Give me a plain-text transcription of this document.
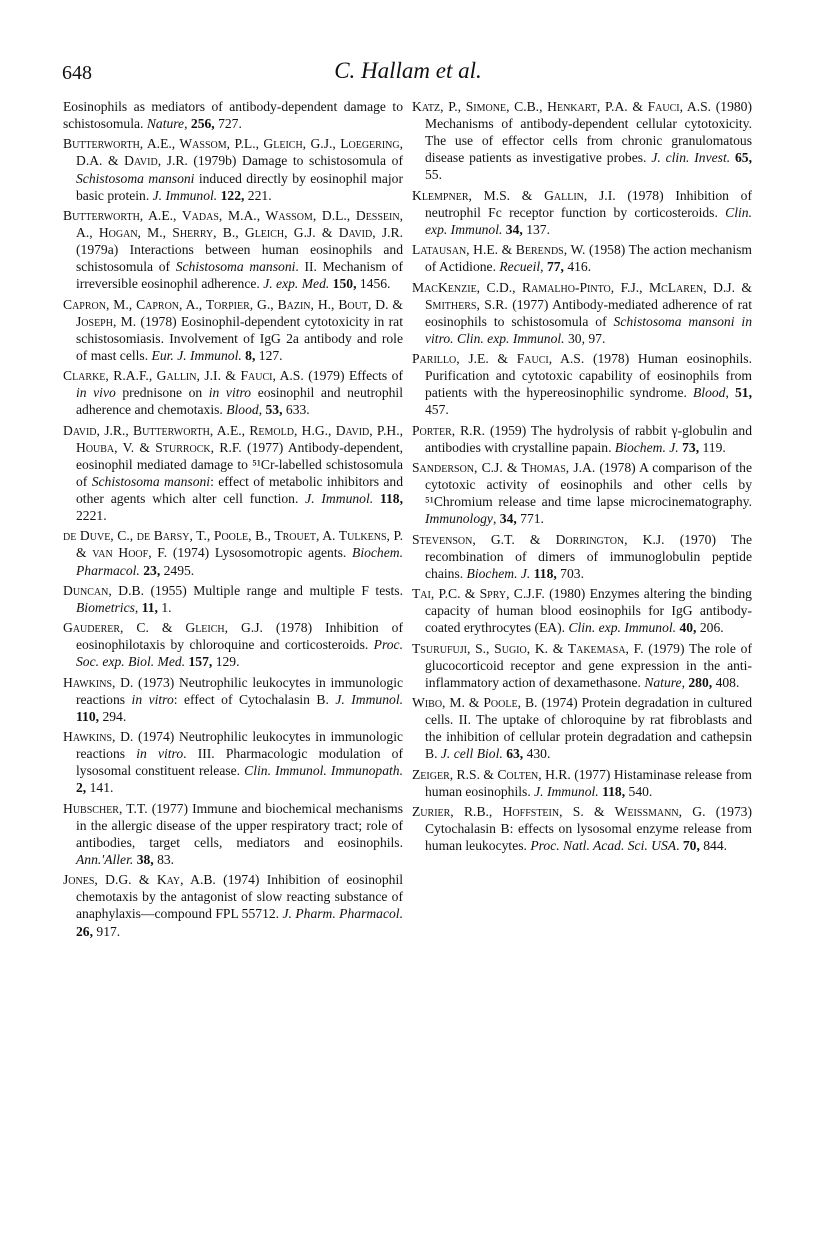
648	C. Hallam et al.

Eosinophils as mediators of antibody-dependent damage to schistosomula. Nature, 256, 727.

Butterworth, A.E., Wassom, P.L., Gleich, G.J., Loegering, D.A. & David, J.R. (1979b) Damage to schistosomula of Schistosoma mansoni induced directly by eosinophil major basic protein. J. Immunol. 122, 221.

Butterworth, A.E., Vadas, M.A., Wassom, D.L., Dessein, A., Hogan, M., Sherry, B., Gleich, G.J. & David, J.R. (1979a) Interactions between human eosinophils and schistosomula of Schistosoma mansoni. II. Mechanism of irreversible eosinophil adherence. J. exp. Med. 150, 1456.

Capron, M., Capron, A., Torpier, G., Bazin, H., Bout, D. & Joseph, M. (1978) Eosinophil-dependent cytotoxicity in rat schistosomiasis. Involvement of IgG 2a antibody and role of mast cells. Eur. J. Immunol. 8, 127.

Clarke, R.A.F., Gallin, J.I. & Fauci, A.S. (1979) Effects of in vivo prednisone on in vitro eosinophil and neutrophil adherence and chemotaxis. Blood, 53, 633.

David, J.R., Butterworth, A.E., Remold, H.G., David, P.H., Houba, V. & Sturrock, R.F. (1977) Antibody-dependent, eosinophil mediated damage to ⁵¹Cr-labelled schistosomula of Schistosoma mansoni: effect of metabolic inhibitors and other agents which alter cell function. J. Immunol. 118, 2221.

de Duve, C., de Barsy, T., Poole, B., Trouet, A. Tulkens, P. & van Hoof, F. (1974) Lysosomotropic agents. Biochem. Pharmacol. 23, 2495.

Duncan, D.B. (1955) Multiple range and multiple F tests. Biometrics, 11, 1.

Gauderer, C. & Gleich, G.J. (1978) Inhibition of eosinophilotaxis by chloroquine and corticosteroids. Proc. Soc. exp. Biol. Med. 157, 129.

Hawkins, D. (1973) Neutrophilic leukocytes in immunologic reactions in vitro: effect of Cytochalasin B. J. Immunol. 110, 294.

Hawkins, D. (1974) Neutrophilic leukocytes in immunologic reactions in vitro. III. Pharmacologic modulation of lysosomal constituent release. Clin. Immunol. Immunopath. 2, 141.

Hubscher, T.T. (1977) Immune and biochemical mechanisms in the allergic disease of the upper respiratory tract; role of antibodies, target cells, mediators and eosinophils. Ann.'Aller. 38, 83.

Jones, D.G. & Kay, A.B. (1974) Inhibition of eosinophil chemotaxis by the antagonist of slow reacting substance of anaphylaxis—compound FPL 55712. J. Pharm. Pharmacol. 26, 917.

Katz, P., Simone, C.B., Henkart, P.A. & Fauci, A.S. (1980) Mechanisms of antibody-dependent cellular cytotoxicity. The use of effector cells from chronic granulomatous disease patients as investigative probes. J. clin. Invest. 65, 55.

Klempner, M.S. & Gallin, J.I. (1978) Inhibition of neutrophil Fc receptor function by corticosteroids. Clin. exp. Immunol. 34, 137.

Latausan, H.E. & Berends, W. (1958) The action mechanism of Actidione. Recueil, 77, 416.

MacKenzie, C.D., Ramalho-Pinto, F.J., McLaren, D.J. & Smithers, S.R. (1977) Antibody-mediated adherence of rat eosinophils to schistosomula of Schistosoma mansoni in vitro. Clin. exp. Immunol. 30, 97.

Parillo, J.E. & Fauci, A.S. (1978) Human eosinophils. Purification and cytotoxic capability of eosinophils from patients with the hypereosinophilic syndrome. Blood, 51, 457.

Porter, R.R. (1959) The hydrolysis of rabbit γ-globulin and antibodies with crystalline papain. Biochem. J. 73, 119.

Sanderson, C.J. & Thomas, J.A. (1978) A comparison of the cytotoxic activity of eosinophils and other cells by ⁵¹Chromium release and time lapse microcinematography. Immunology, 34, 771.

Stevenson, G.T. & Dorrington, K.J. (1970) The recombination of dimers of immunoglobulin peptide chains. Biochem. J. 118, 703.

Tai, P.C. & Spry, C.J.F. (1980) Enzymes altering the binding capacity of human blood eosinophils for IgG antibody-coated erythrocytes (EA). Clin. exp. Immunol. 40, 206.

Tsurufuji, S., Sugio, K. & Takemasa, F. (1979) The role of glucocorticoid receptor and gene expression in the anti-inflammatory action of dexamethasone. Nature, 280, 408.

Wibo, M. & Poole, B. (1974) Protein degradation in cultured cells. II. The uptake of chloroquine by rat fibroblasts and the inhibition of cellular protein degradation and cathepsin B. J. cell Biol. 63, 430.

Zeiger, R.S. & Colten, H.R. (1977) Histaminase release from human eosinophils. J. Immunol. 118, 540.

Zurier, R.B., Hoffstein, S. & Weissmann, G. (1973) Cytochalasin B: effects on lysosomal enzyme release from human leukocytes. Proc. Natl. Acad. Sci. USA. 70, 844.
